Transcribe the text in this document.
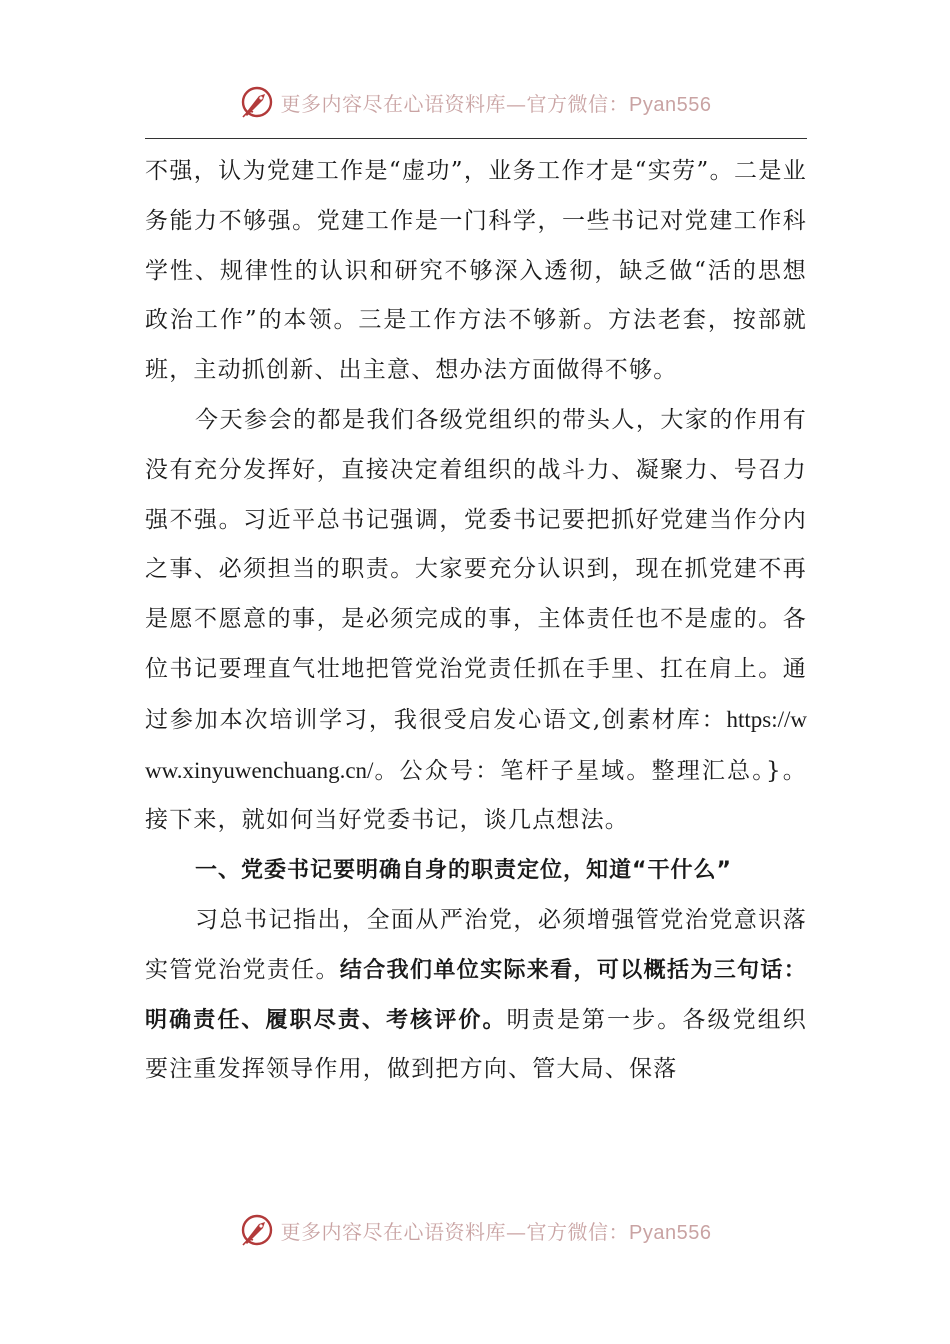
更多内容尽在心语资料库—官方微信：Pyan556

不强，认为党建工作是“虚功”，业务工作才是“实劳”。二是业务能力不够强。党建工作是一门科学，一些书记对党建工作科学性、规律性的认识和研究不够深入透彻，缺乏做“活的思想政治工作”的本领。三是工作方法不够新。方法老套，按部就班，主动抓创新、出主意、想办法方面做得不够。

今天参会的都是我们各级党组织的带头人，大家的作用有没有充分发挥好，直接决定着组织的战斗力、凝聚力、号召力强不强。习近平总书记强调，党委书记要把抓好党建当作分内之事、必须担当的职责。大家要充分认识到，现在抓党建不再是愿不愿意的事，是必须完成的事，主体责任也不是虚的。各位书记要理直气壮地把管党治党责任抓在手里、扛在肩上。通过参加本次培训学习，我很受启发心语文,创素材库：https://www.xinyuwenchuang.cn/。公众号：笔杆子星域。整理汇总。}。接下来，就如何当好党委书记，谈几点想法。

一、党委书记要明确自身的职责定位，知道“干什么”

习总书记指出，全面从严治党，必须增强管党治党意识落实管党治党责任。结合我们单位实际来看，可以概括为三句话：明确责任、履职尽责、考核评价。明责是第一步。各级党组织要注重发挥领导作用，做到把方向、管大局、保落

更多内容尽在心语资料库—官方微信：Pyan556
